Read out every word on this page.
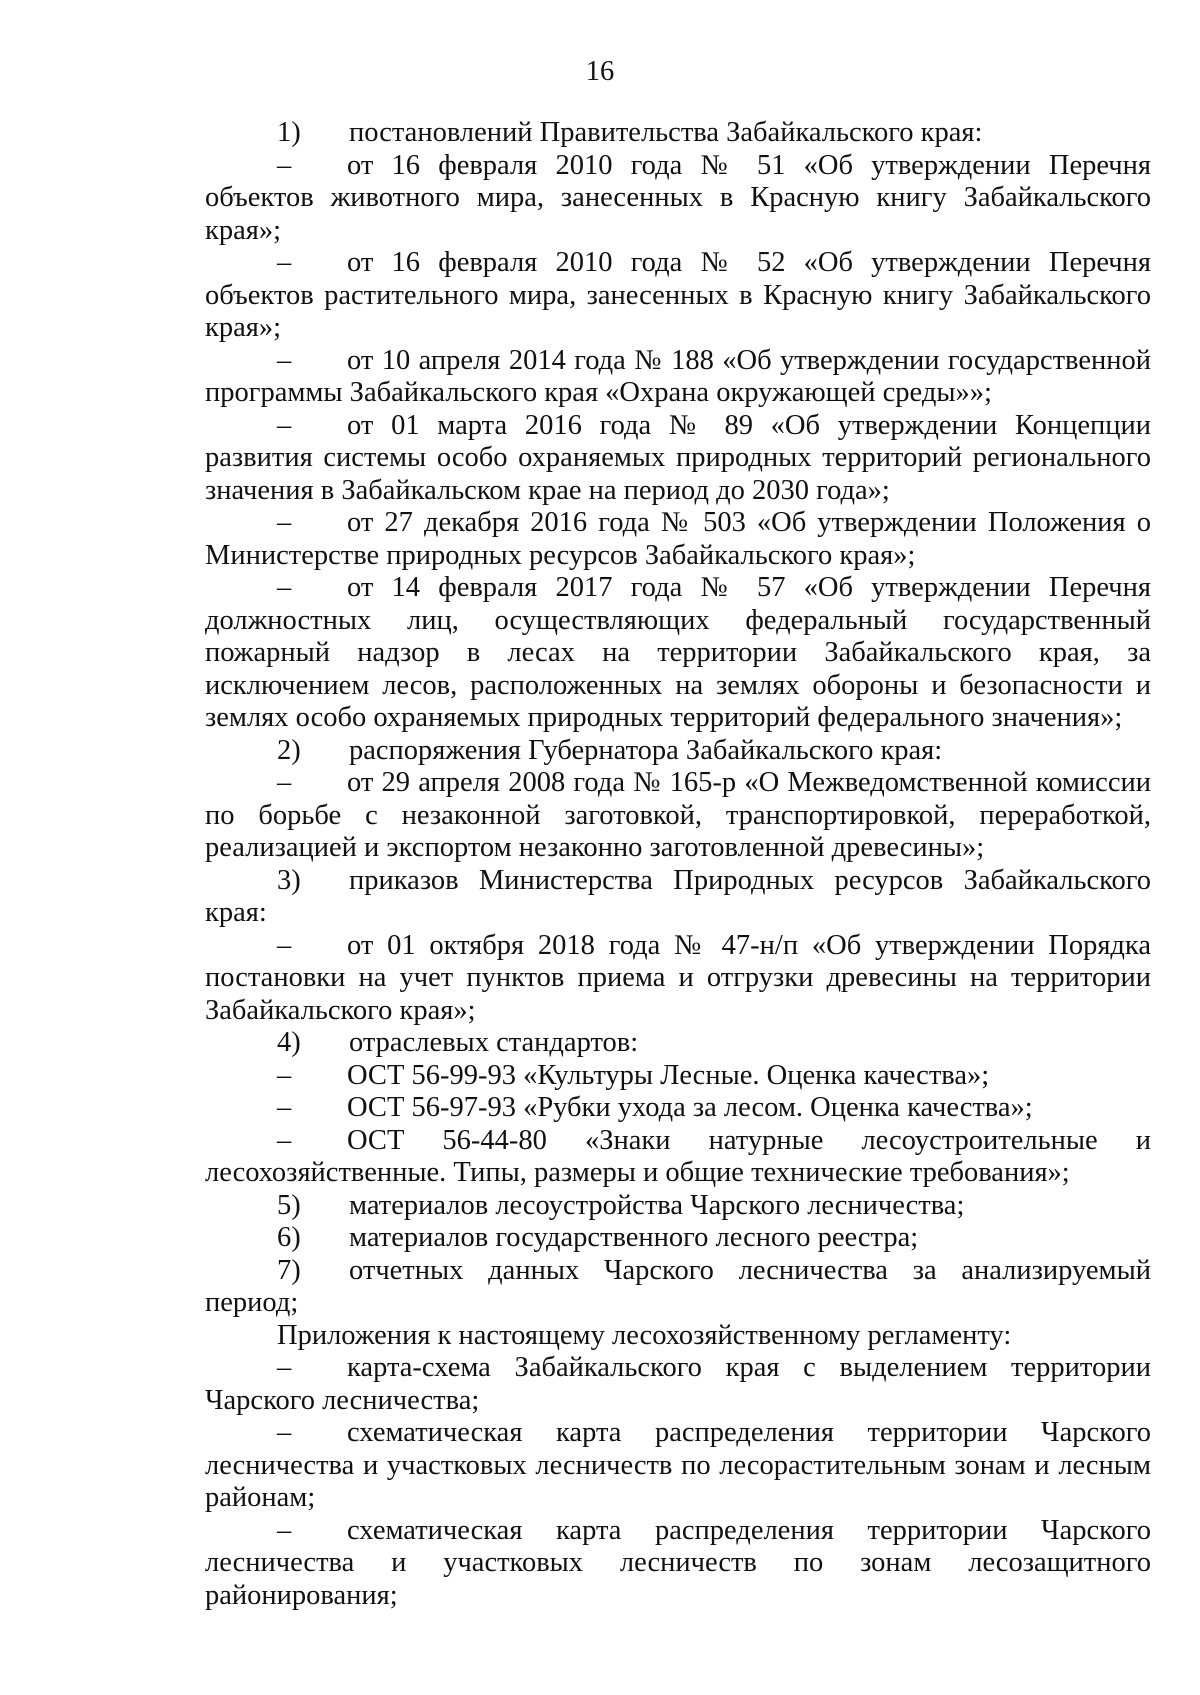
16

1) постановлений Правительства Забайкальского края:

– от 16 февраля 2010 года № 51 «Об утверждении Перечня объектов животного мира, занесенных в Красную книгу Забайкальского края»;

– от 16 февраля 2010 года № 52 «Об утверждении Перечня объектов растительного мира, занесенных в Красную книгу Забайкальского края»;

– от 10 апреля 2014 года № 188 «Об утверждении государственной программы Забайкальского края «Охрана окружающей среды»»;

– от 01 марта 2016 года № 89 «Об утверждении Концепции развития системы особо охраняемых природных территорий регионального значения в Забайкальском крае на период до 2030 года»;

– от 27 декабря 2016 года № 503 «Об утверждении Положения о Министерстве природных ресурсов Забайкальского края»;

– от 14 февраля 2017 года № 57 «Об утверждении Перечня должностных лиц, осуществляющих федеральный государственный пожарный надзор в лесах на территории Забайкальского края, за исключением лесов, расположенных на землях обороны и безопасности и землях особо охраняемых природных территорий федерального значения»;

2) распоряжения Губернатора Забайкальского края:

– от 29 апреля 2008 года № 165-р «О Межведомственной комиссии по борьбе с незаконной заготовкой, транспортировкой, переработкой, реализацией и экспортом незаконно заготовленной древесины»;

3) приказов Министерства Природных ресурсов Забайкальского края:

– от 01 октября 2018 года № 47-н/п «Об утверждении Порядка постановки на учет пунктов приема и отгрузки древесины на территории Забайкальского края»;

4) отраслевых стандартов:

– ОСТ 56-99-93 «Культуры Лесные. Оценка качества»;

– ОСТ 56-97-93 «Рубки ухода за лесом. Оценка качества»;

– ОСТ 56-44-80 «Знаки натурные лесоустроительные и лесохозяйственные. Типы, размеры и общие технические требования»;

5) материалов лесоустройства Чарского лесничества;

6) материалов государственного лесного реестра;

7) отчетных данных Чарского лесничества за анализируемый период;

Приложения к настоящему лесохозяйственному регламенту:

– карта-схема Забайкальского края с выделением территории Чарского лесничества;

– схематическая карта распределения территории Чарского лесничества и участковых лесничеств по лесорастительным зонам и лесным районам;

– схематическая карта распределения территории Чарского лесничества и участковых лесничеств по зонам лесозащитного районирования;
